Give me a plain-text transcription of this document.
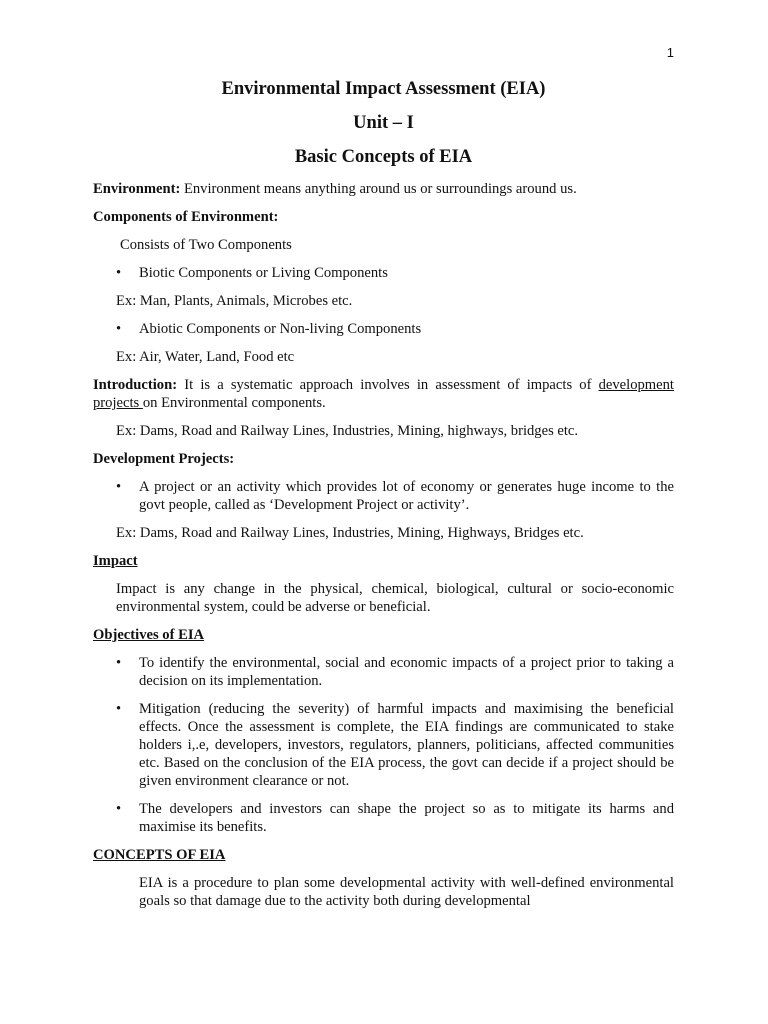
1
Environmental Impact Assessment (EIA)
Unit – I
Basic Concepts of EIA

Environment: Environment means anything around us or surroundings around us.

Components of Environment:

Consists of Two Components

• Biotic Components or Living Components

Ex: Man, Plants, Animals, Microbes etc.

• Abiotic Components or Non-living Components

Ex: Air, Water, Land, Food etc

Introduction: It is a systematic approach involves in assessment of impacts of development projects on Environmental components.

Ex: Dams, Road and Railway Lines, Industries, Mining, highways, bridges etc.

Development Projects:

• A project or an activity which provides lot of economy or generates huge income to the govt people, called as ‘Development Project or activity’.

Ex: Dams, Road and Railway Lines, Industries, Mining, Highways, Bridges etc.

Impact

Impact is any change in the physical, chemical, biological, cultural or socio-economic environmental system, could be adverse or beneficial.

Objectives of EIA

• To identify the environmental, social and economic impacts of a project prior to taking a decision on its implementation.
• Mitigation (reducing the severity) of harmful impacts and maximising the beneficial effects. Once the assessment is complete, the EIA findings are communicated to stake holders i,.e, developers, investors, regulators, planners, politicians, affected communities etc. Based on the conclusion of the EIA process, the govt can decide if a project should be given environment clearance or not.
• The developers and investors can shape the project so as to mitigate its harms and maximise its benefits.

CONCEPTS OF EIA

EIA is a procedure to plan some developmental activity with well-defined environmental goals so that damage due to the activity both during developmental
